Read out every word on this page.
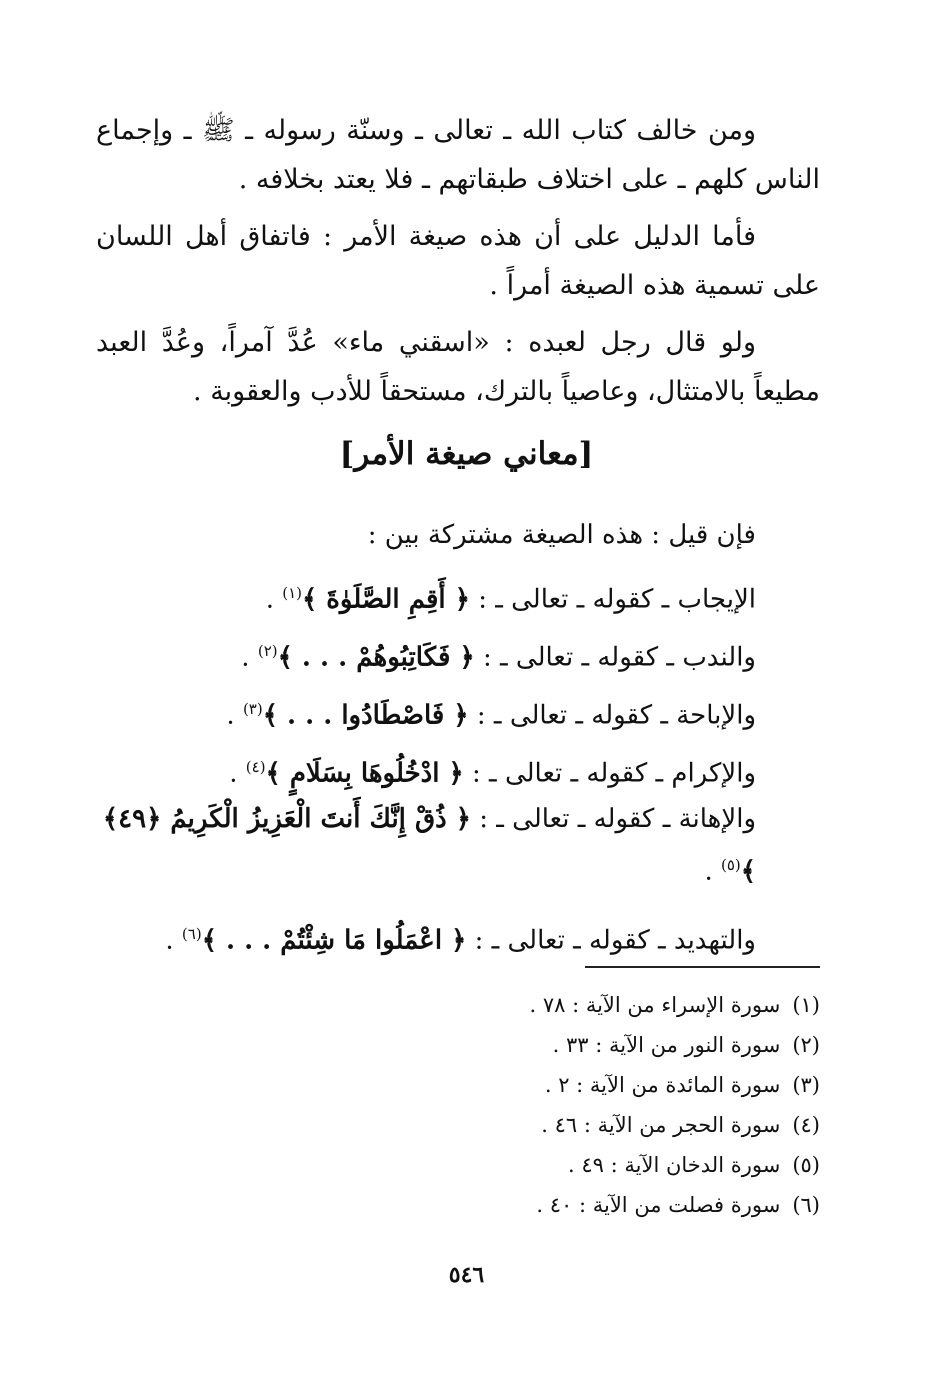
ومن خالف كتاب الله ـ تعالى ـ وسنّة رسوله ـ ﷺ ـ وإجماع الناس كلهم ـ على اختلاف طبقاتهم ـ فلا يعتد بخلافه .

فأما الدليل على أن هذه صيغة الأمر : فاتفاق أهل اللسان على تسمية هذه الصيغة أمراً .

ولو قال رجل لعبده : «اسقني ماء» عُدَّ آمراً، وعُدَّ العبد مطيعاً بالامتثال، وعاصياً بالترك، مستحقاً للأدب والعقوبة .

[معاني صيغة الأمر]
فإن قيل : هذه الصيغة مشتركة بين :
الإيجاب ـ كقوله ـ تعالى ـ : ﴿ أَقِمِ الصَّلَوٰةَ ﴾$^{(١)}$ .
والندب ـ كقوله ـ تعالى ـ : ﴿ فَكَاتِبُوهُمْ . . . ﴾$^{(٢)}$ .
والإباحة ـ كقوله ـ تعالى ـ : ﴿ فَاصْطَادُوا . . . ﴾$^{(٣)}$ .
والإكرام ـ كقوله ـ تعالى ـ : ﴿ ادْخُلُوهَا بِسَلَامٍ ﴾$^{(٤)}$ .
والإهانة ـ كقوله ـ تعالى ـ : ﴿ ذُقْ إِنَّكَ أَنتَ الْعَزِيزُ الْكَرِيمُ ﴿٤٩﴾ ﴾$^{(٥)}$ .
والتهديد ـ كقوله ـ تعالى ـ : ﴿ اعْمَلُوا مَا شِئْتُمْ . . . ﴾$^{(٦)}$ .
(١)سورة الإسراء من الآية : ٧٨ .
(٢)سورة النور من الآية : ٣٣ .
(٣)سورة المائدة من الآية : ٢ .
(٤)سورة الحجر من الآية : ٤٦ .
(٥)سورة الدخان الآية : ٤٩ .
(٦)سورة فصلت من الآية : ٤٠ .
٥٤٦
